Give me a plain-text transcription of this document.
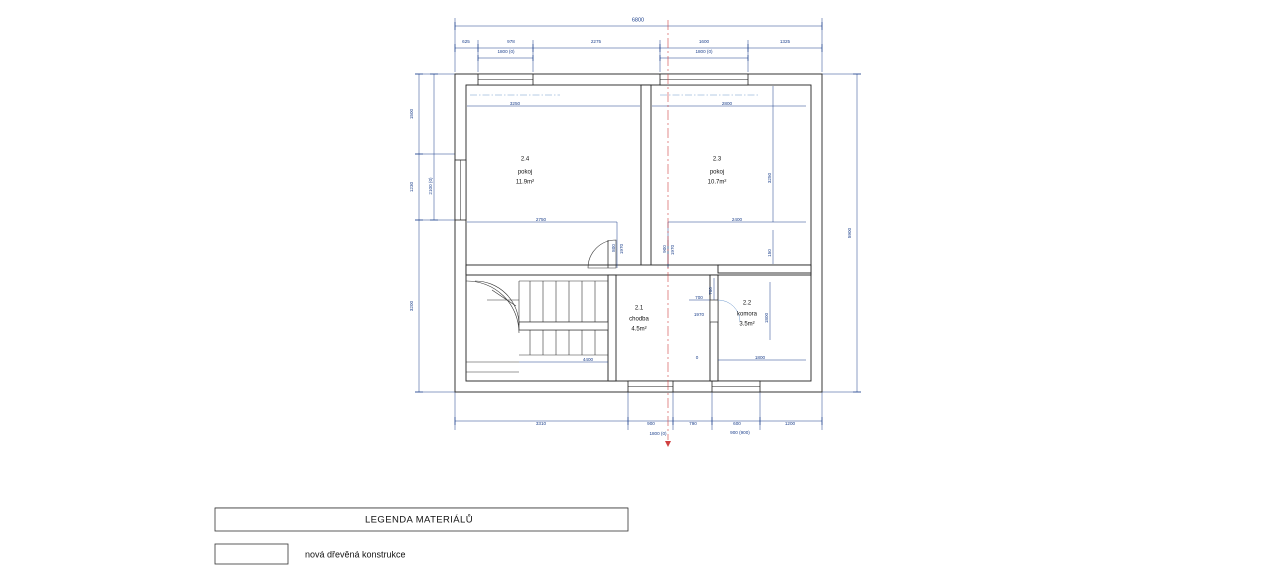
6800
625	978	2275	1600	1325
1800 (0)	1800 (0)
1500
1230
3200
2100 (0)
5900
3310	900	790	600	1200
1800 (0)	900 (900)
3250	2800
2750	2400
3250
150
800 1970	900 1970
700
1970
700
1800
1800
0
4400
2.4
pokoj
11.9m²
2.3
pokoj
10.7m²
2.1
chodba
4.5m²
2.2
komora
3.5m²
LEGENDA MATERIÁLŮ
nová dřevěná konstrukce
